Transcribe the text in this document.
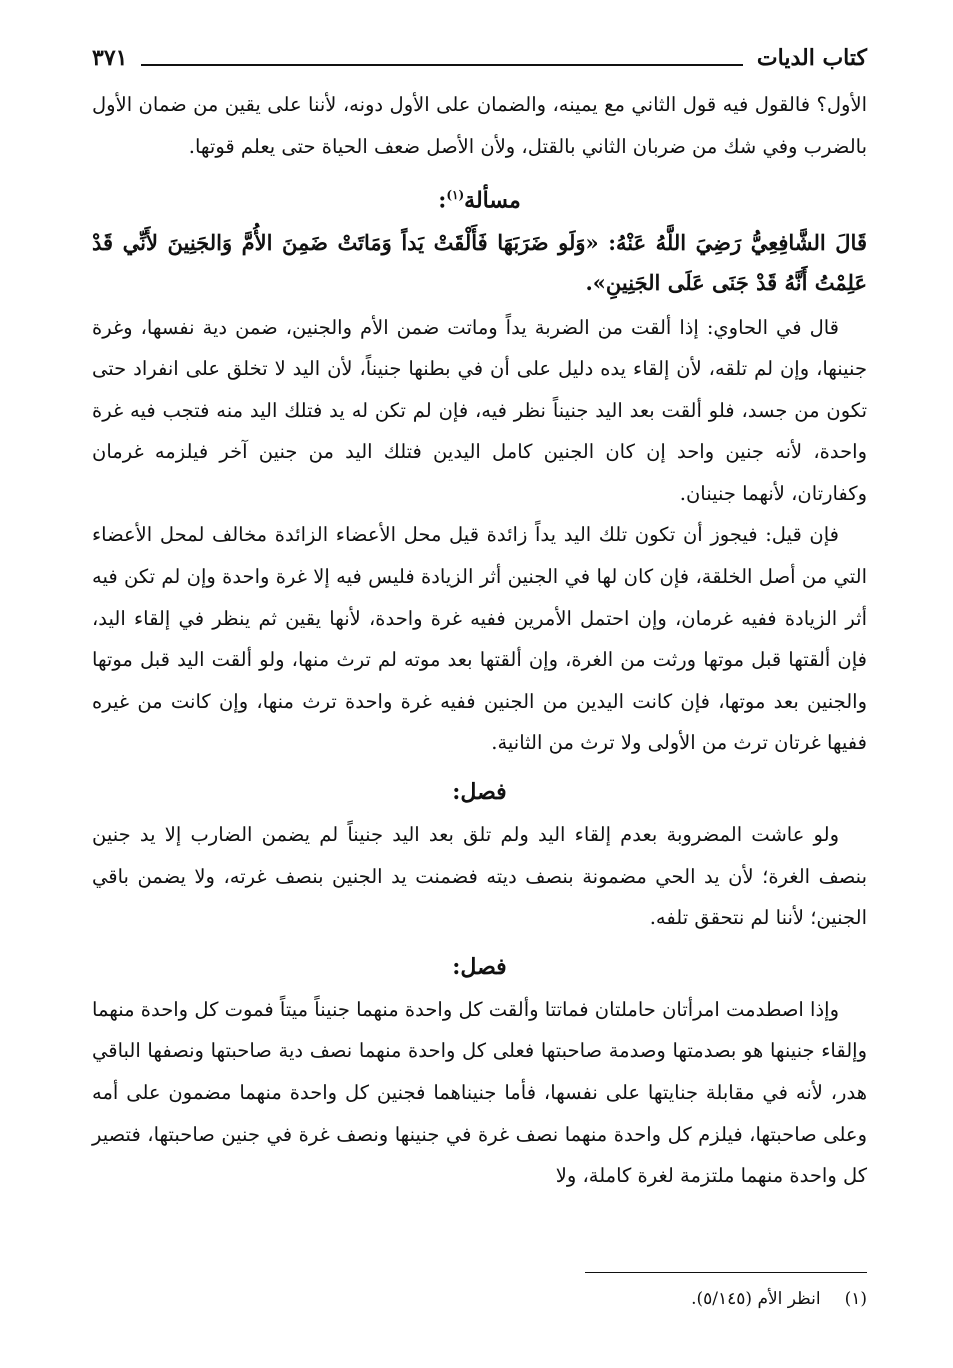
كتاب الديات
٣٧١

الأول؟ فالقول فيه قول الثاني مع يمينه، والضمان على الأول دونه، لأننا على يقين من ضمان الأول بالضرب وفي شك من ضربان الثاني بالقتل، ولأن الأصل ضعف الحياة حتى يعلم قوتها.

مسألة$^{(١)}$:

قَالَ الشَّافِعِيُّ رَضِيَ اللَّهُ عَنْهُ: «وَلَو ضَرَبَهَا فَأَلْقَتْ يَداً وَمَاتَتْ ضَمِنَ الأُمَّ وَالجَنِينَ لأَنِّي قَدْ عَلِمْتُ أَنَّهُ قَدْ جَنَى عَلَى الجَنِينِ».

قال في الحاوي: إذا ألقت من الضربة يداً وماتت ضمن الأم والجنين، ضمن دية نفسها، وغرة جنينها، وإن لم تلقه، لأن إلقاء يده دليل على أن في بطنها جنيناً، لأن اليد لا تخلق على انفراد حتى تكون من جسد، فلو ألقت بعد اليد جنيناً نظر فيه، فإن لم تكن له يد فتلك اليد منه فتجب فيه غرة واحدة، لأنه جنين واحد إن كان الجنين كامل اليدين فتلك اليد من جنين آخر فيلزمه غرمان وكفارتان، لأنهما جنينان.

فإن قيل: فيجوز أن تكون تلك اليد يداً زائدة قيل محل الأعضاء الزائدة مخالف لمحل الأعضاء التي من أصل الخلقة، فإن كان لها في الجنين أثر الزيادة فليس فيه إلا غرة واحدة وإن لم تكن فيه أثر الزيادة ففيه غرمان، وإن احتمل الأمرين ففيه غرة واحدة، لأنها يقين ثم ينظر في إلقاء اليد، فإن ألقتها قبل موتها ورثت من الغرة، وإن ألقتها بعد موته لم ترث منها، ولو ألقت اليد قبل موتها والجنين بعد موتها، فإن كانت اليدين من الجنين ففيه غرة واحدة ترث منها، وإن كانت من غيره ففيها غرتان ترث من الأولى ولا ترث من الثانية.

فصل:

ولو عاشت المضروبة بعدم إلقاء اليد ولم تلق بعد اليد جنيناً لم يضمن الضارب إلا يد جنين بنصف الغرة؛ لأن يد الحي مضمونة بنصف ديته فضمنت يد الجنين بنصف غرته، ولا يضمن باقي الجنين؛ لأننا لم نتحقق تلفه.

فصل:

وإذا اصطدمت امرأتان حاملتان فماتتا وألقت كل واحدة منهما جنيناً ميتاً فموت كل واحدة منهما وإلقاء جنينها هو بصدمتها وصدمة صاحبتها فعلى كل واحدة منهما نصف دية صاحبتها ونصفها الباقي هدر، لأنه في مقابلة جنايتها على نفسها، فأما جنيناهما فجنين كل واحدة منهما مضمون على أمه وعلى صاحبتها، فيلزم كل واحدة منهما نصف غرة في جنينها ونصف غرة في جنين صاحبتها، فتصير كل واحدة منهما ملتزمة لغرة كاملة، ولا

(١)
انظر الأم (٥/١٤٥).
